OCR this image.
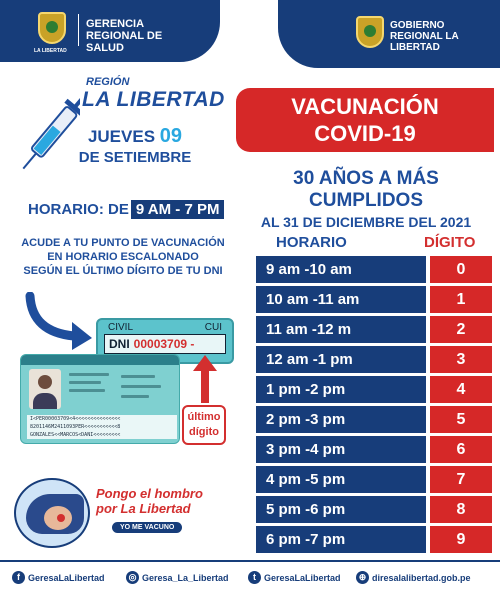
LA LIBERTAD
GERENCIA REGIONAL DE SALUD
GOBIERNO REGIONAL LA LIBERTAD
REGIÓN
LA LIBERTAD
JUEVES 09
DE SETIEMBRE
HORARIO: DE 9 AM - 7 PM
ACUDE A TU PUNTO DE VACUNACIÓN
EN HORARIO ESCALONADO
SEGÚN EL ÚLTIMO DÍGITO DE TU DNI
CIVIL	CUI
DNI 00003709 -
I<PER00003709<4<<<<<<<<<<<<<<<
8201146M2411093PER<<<<<<<<<<<8
GONZALES<<MARCOS<DANI<<<<<<<<<
último
dígito
VACUNACIÓN
COVID-19
30 AÑOS A MÁS CUMPLIDOS
AL 31 DE DICIEMBRE DEL 2021
HORARIO	DÍGITO
9 am -10 am	0
10 am -11 am	1
11 am -12 m	2
12 am -1 pm	3
1 pm -2 pm	4
2 pm -3 pm	5
3 pm -4 pm	6
4 pm -5 pm	7
5 pm -6 pm	8
6 pm -7 pm	9
Pongo el hombro
por La Libertad
YO ME VACUNO
f GeresaLaLibertad	◎ Geresa_La_Libertad	t GeresaLaLibertad	⊕ diresalalibertad.gob.pe
